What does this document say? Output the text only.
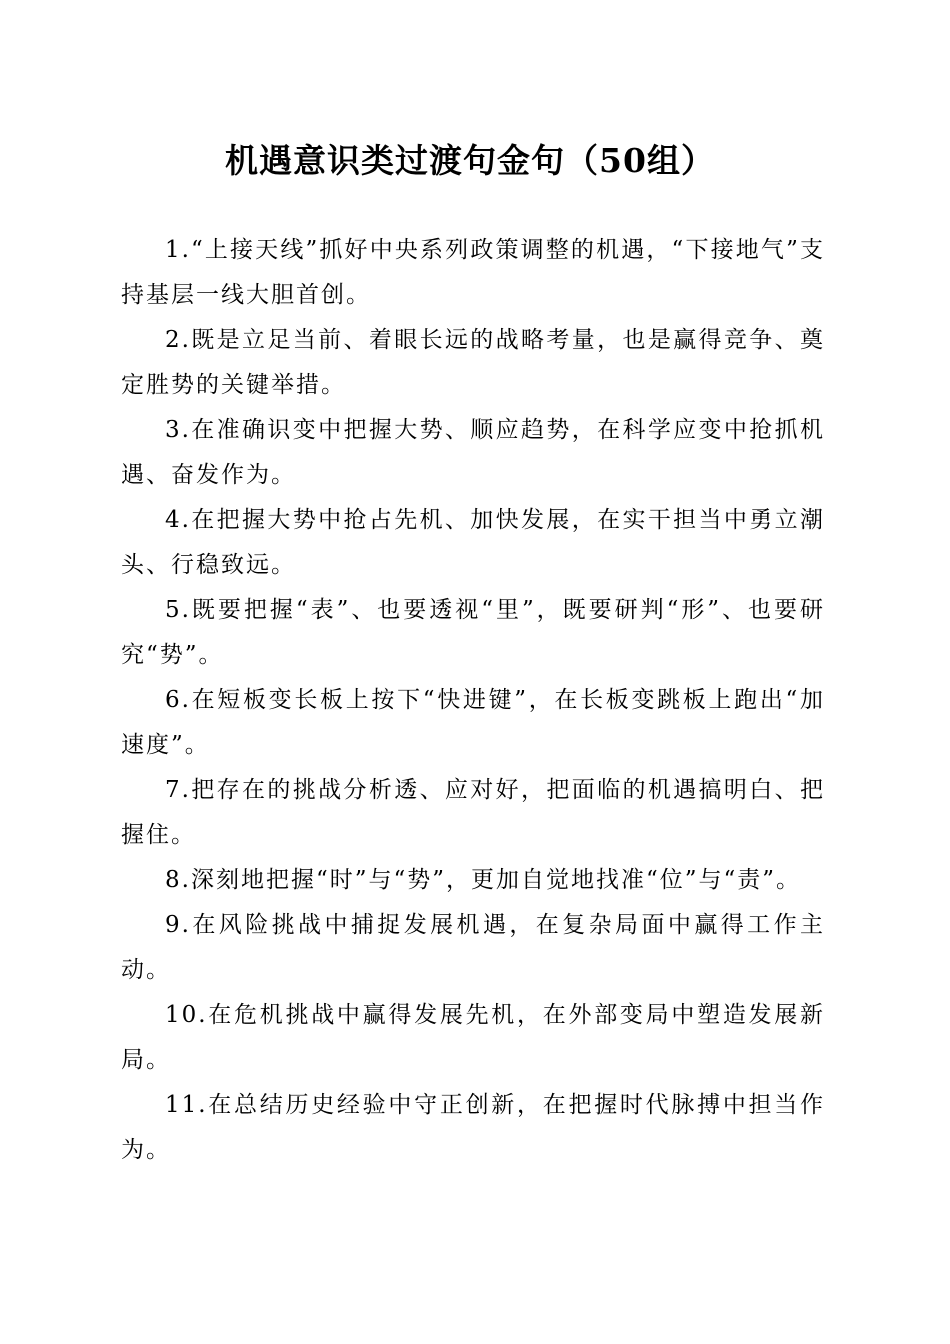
机遇意识类过渡句金句（50组）

1.“上接天线”抓好中央系列政策调整的机遇，“下接地气”支持基层一线大胆首创。

2.既是立足当前、着眼长远的战略考量，也是赢得竞争、奠定胜势的关键举措。

3.在准确识变中把握大势、顺应趋势，在科学应变中抢抓机遇、奋发作为。

4.在把握大势中抢占先机、加快发展，在实干担当中勇立潮头、行稳致远。

5.既要把握“表”、也要透视“里”，既要研判“形”、也要研究“势”。

6.在短板变长板上按下“快进键”，在长板变跳板上跑出“加速度”。

7.把存在的挑战分析透、应对好，把面临的机遇搞明白、把握住。

8.深刻地把握“时”与“势”，更加自觉地找准“位”与“责”。

9.在风险挑战中捕捉发展机遇，在复杂局面中赢得工作主动。

10.在危机挑战中赢得发展先机，在外部变局中塑造发展新局。

11.在总结历史经验中守正创新，在把握时代脉搏中担当作为。
